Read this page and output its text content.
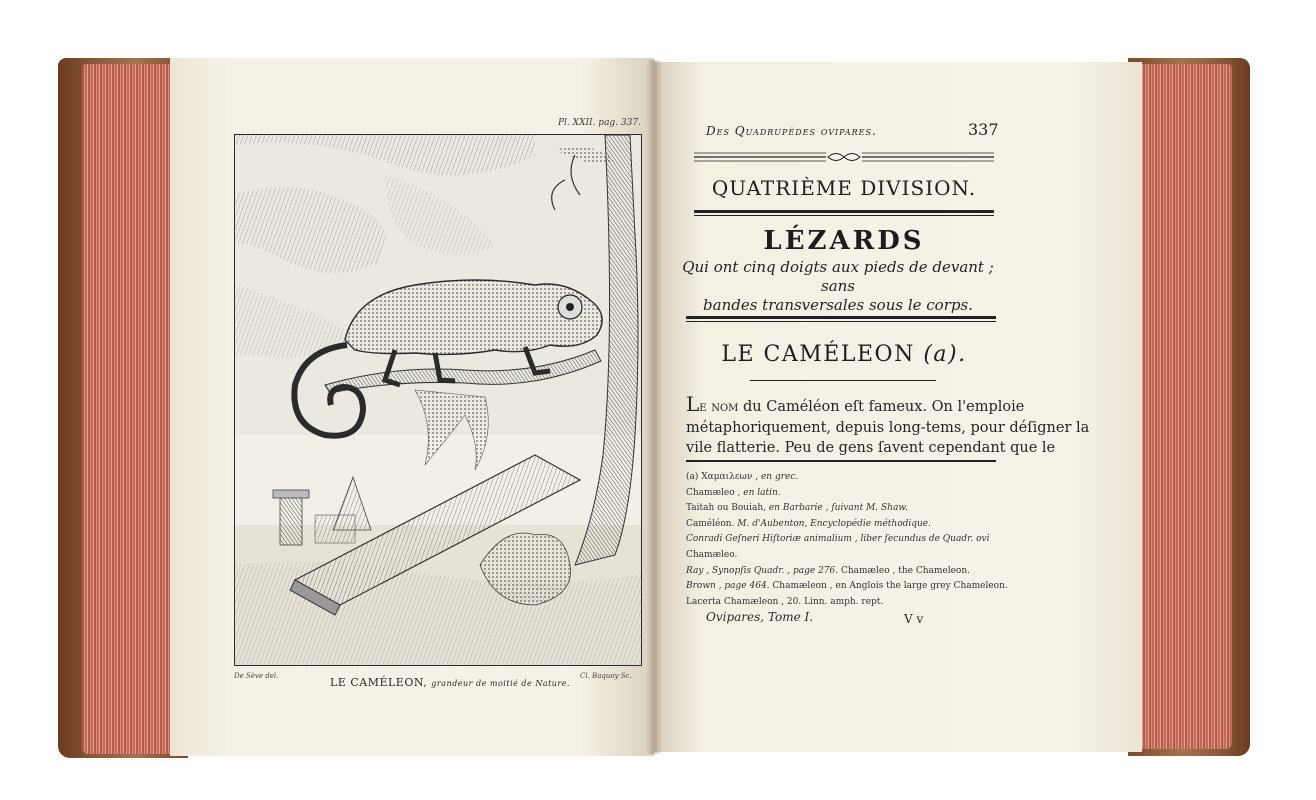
Pl. XXII. pag. 337.
De Sève del.	Cl. Baquoy Sc.
LE CAMÉLEON, grandeur de moitié de Nature.
Des Quadrupèdes ovipares.	337
QUATRIÈME DIVISION.
LÉZARDS
Qui ont cinq doigts aux pieds de devant ; sans
bandes transversales sous le corps.
LE CAMÉLEON (a).
Le nom du Caméléon eſt fameux. On l'emploie
métaphoriquement, depuis long-tems, pour déſigner la
vile flatterie. Peu de gens ſavent cependant que le
(a) Χαμαιλεων , en grec.
Chamæleo , en latin.
Taitah ou Bouiah, en Barbarie , ſuivant M. Shaw.
Caméléon. M. d'Aubenton, Encyclopédie méthodique.
Conradi Geſneri Hiſtoriæ animalium , liber ſecundus de Quadr. ovi
Chamæleo.
Ray , Synopſis Quadr. , page 276. Chamæleo , the Chameleon.
Brown , page 464. Chamæleon , en Anglois the large grey Chameleon.
Lacerta Chamæleon , 20. Linn. amph. rept.
Ovipares, Tome I.	V v
